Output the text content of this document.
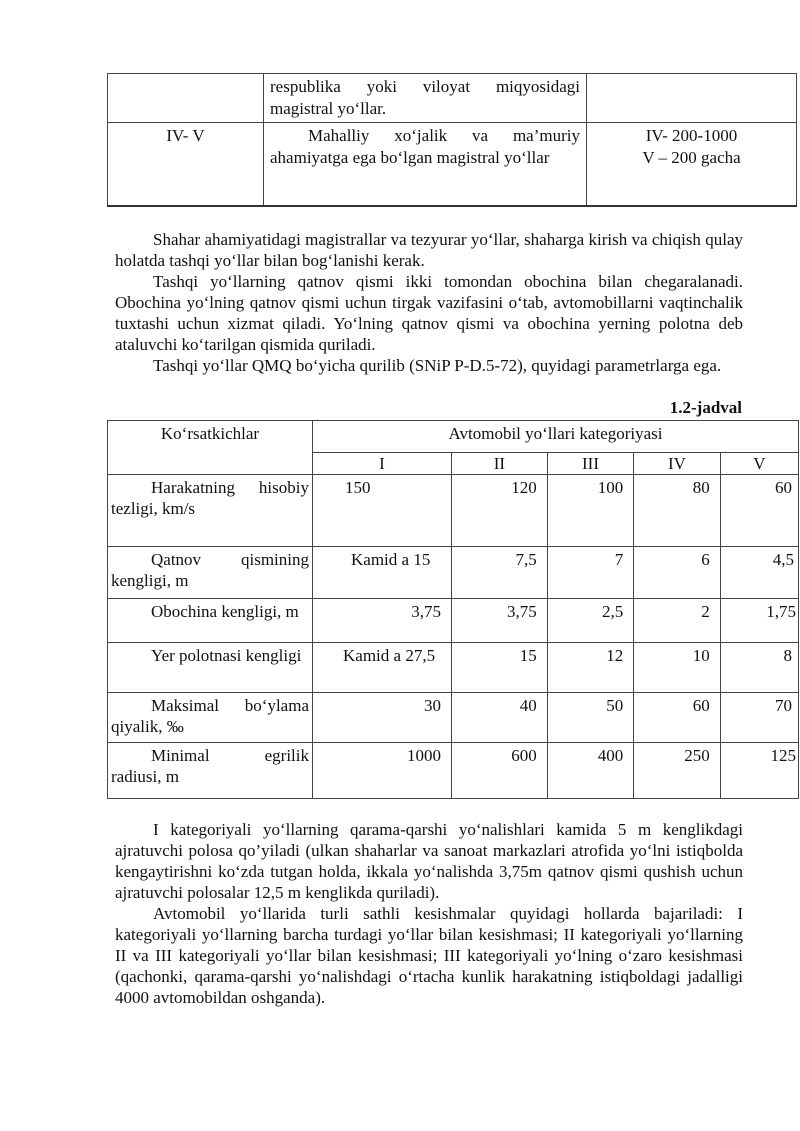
	respublika yoki viloyat miqyosidagi magistral yo‘llar.	
IV- V	Mahalliy xo‘jalik va ma’muriy ahamiyatga ega bo‘lgan magistral yo‘llar	IV- 200-1000
V – 200 gacha

Shahar ahamiyatidagi magistrallar va tezyurar yo‘llar, shaharga kirish va chiqish qulay holatda tashqi yo‘llar bilan bog‘lanishi kerak.

Tashqi yo‘llarning qatnov qismi ikki tomondan obochina bilan chegaralanadi. Obochina yo‘lning qatnov qismi uchun tirgak vazifasini o‘tab, avtomobillarni vaqtinchalik tuxtashi uchun xizmat qiladi. Yo‘lning qatnov qismi va obochina yerning polotna deb ataluvchi ko‘tarilgan qismida quriladi.

Tashqi yo‘llar QMQ bo‘yicha qurilib (SNiP P-D.5-72), quyidagi parametrlarga ega.

1.2-jadval
Ko‘rsatkichlar	Avtomobil yo‘llari kategoriyasi				
	I	II	III	IV	V
Harakatning hisobiy tezligi, km/s	150	120	100	80	60
Qatnov qismining kengligi, m	Kamid a 15	7,5	7	6	4,5
Obochina kengligi, m	3,75	3,75	2,5	2	1,75
Yer polotnasi kengligi	Kamid a 27,5	15	12	10	8
Maksimal bo‘ylama qiyalik, ‰	30	40	50	60	70
Minimal egrilik radiusi, m	1000	600	400	250	125

I kategoriyali yo‘llarning qarama-qarshi yo‘nalishlari kamida 5 m kenglikdagi ajratuvchi polosa qo’yiladi (ulkan shaharlar va sanoat markazlari atrofida yo‘lni istiqbolda kengaytirishni ko‘zda tutgan holda, ikkala yo‘nalishda 3,75m qatnov qismi qushish uchun ajratuvchi polosalar 12,5 m kenglikda quriladi).

Avtomobil yo‘llarida turli sathli kesishmalar quyidagi hollarda bajariladi: I kategoriyali yo‘llarning barcha turdagi yo‘llar bilan kesishmasi; II kategoriyali yo‘llarning II va III kategoriyali yo‘llar bilan kesishmasi; III kategoriyali yo‘lning o‘zaro kesishmasi (qachonki, qarama-qarshi yo‘nalishdagi o‘rtacha kunlik harakatning istiqboldagi jadalligi 4000 avtomobildan oshganda).
